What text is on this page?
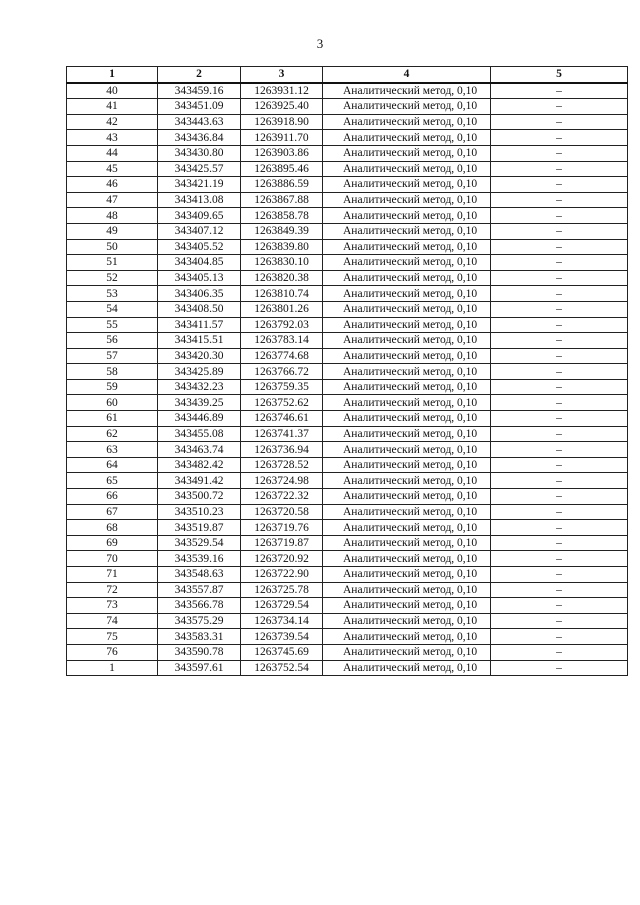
3
1	2	3	4	5
40	343459.16	1263931.12	Аналитический метод, 0,10	–
41	343451.09	1263925.40	Аналитический метод, 0,10	–
42	343443.63	1263918.90	Аналитический метод, 0,10	–
43	343436.84	1263911.70	Аналитический метод, 0,10	–
44	343430.80	1263903.86	Аналитический метод, 0,10	–
45	343425.57	1263895.46	Аналитический метод, 0,10	–
46	343421.19	1263886.59	Аналитический метод, 0,10	–
47	343413.08	1263867.88	Аналитический метод, 0,10	–
48	343409.65	1263858.78	Аналитический метод, 0,10	–
49	343407.12	1263849.39	Аналитический метод, 0,10	–
50	343405.52	1263839.80	Аналитический метод, 0,10	–
51	343404.85	1263830.10	Аналитический метод, 0,10	–
52	343405.13	1263820.38	Аналитический метод, 0,10	–
53	343406.35	1263810.74	Аналитический метод, 0,10	–
54	343408.50	1263801.26	Аналитический метод, 0,10	–
55	343411.57	1263792.03	Аналитический метод, 0,10	–
56	343415.51	1263783.14	Аналитический метод, 0,10	–
57	343420.30	1263774.68	Аналитический метод, 0,10	–
58	343425.89	1263766.72	Аналитический метод, 0,10	–
59	343432.23	1263759.35	Аналитический метод, 0,10	–
60	343439.25	1263752.62	Аналитический метод, 0,10	–
61	343446.89	1263746.61	Аналитический метод, 0,10	–
62	343455.08	1263741.37	Аналитический метод, 0,10	–
63	343463.74	1263736.94	Аналитический метод, 0,10	–
64	343482.42	1263728.52	Аналитический метод, 0,10	–
65	343491.42	1263724.98	Аналитический метод, 0,10	–
66	343500.72	1263722.32	Аналитический метод, 0,10	–
67	343510.23	1263720.58	Аналитический метод, 0,10	–
68	343519.87	1263719.76	Аналитический метод, 0,10	–
69	343529.54	1263719.87	Аналитический метод, 0,10	–
70	343539.16	1263720.92	Аналитический метод, 0,10	–
71	343548.63	1263722.90	Аналитический метод, 0,10	–
72	343557.87	1263725.78	Аналитический метод, 0,10	–
73	343566.78	1263729.54	Аналитический метод, 0,10	–
74	343575.29	1263734.14	Аналитический метод, 0,10	–
75	343583.31	1263739.54	Аналитический метод, 0,10	–
76	343590.78	1263745.69	Аналитический метод, 0,10	–
1	343597.61	1263752.54	Аналитический метод, 0,10	–
